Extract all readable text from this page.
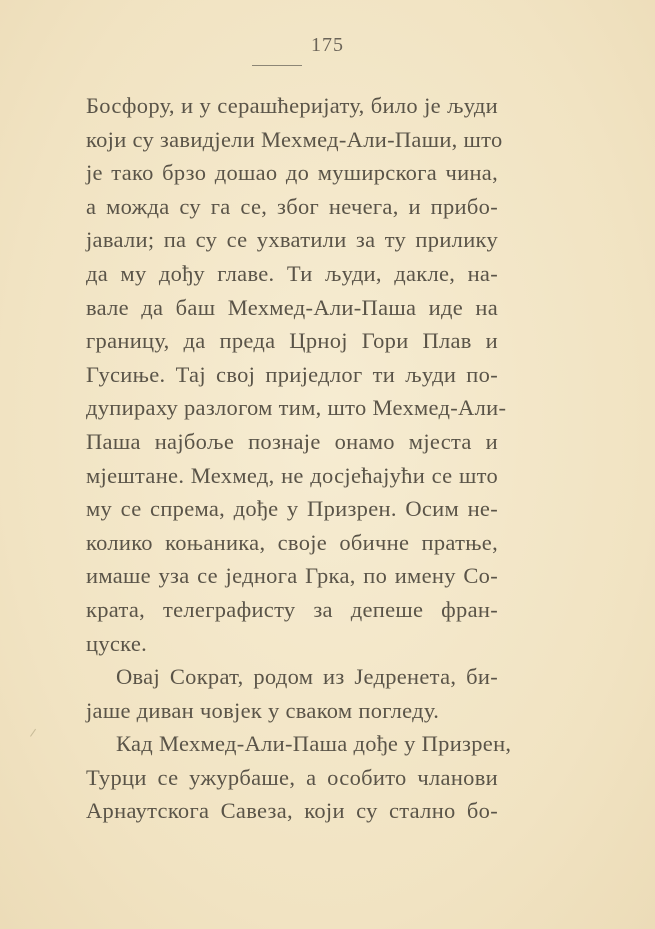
175
Босфору, и у серашћеријату, било је људи
који су завидјели Мехмед-Али-Паши, што
је тако брзо дошао до муширскога чина,
а можда су га се, због нечега, и прибо-
јавали; па су се ухватили за ту прилику
да му дођу главе. Ти људи, дакле, на-
вале да баш Мехмед-Али-Паша иде на
границу, да преда Црној Гори Плав и
Гусиње. Тај свој приједлог ти људи по-
дупираху разлогом тим, што Мехмед-Али-
Паша најбоље познаје онамо мјеста и
мјештане. Мехмед, не досјећајући се што
му се спрема, дође у Призрен. Осим не-
колико коњаника, своје обичне пратње,
имаше уза се једнога Грка, по имену Со-
крата, телеграфисту за депеше фран-
цуске.
Овај Сократ, родом из Једренета, би-
јаше диван човјек у сваком погледу.
Кад Мехмед-Али-Паша дође у Призрен,
Турци се ужурбаше, а особито чланови
Арнаутскога Савеза, који су стално бо-
